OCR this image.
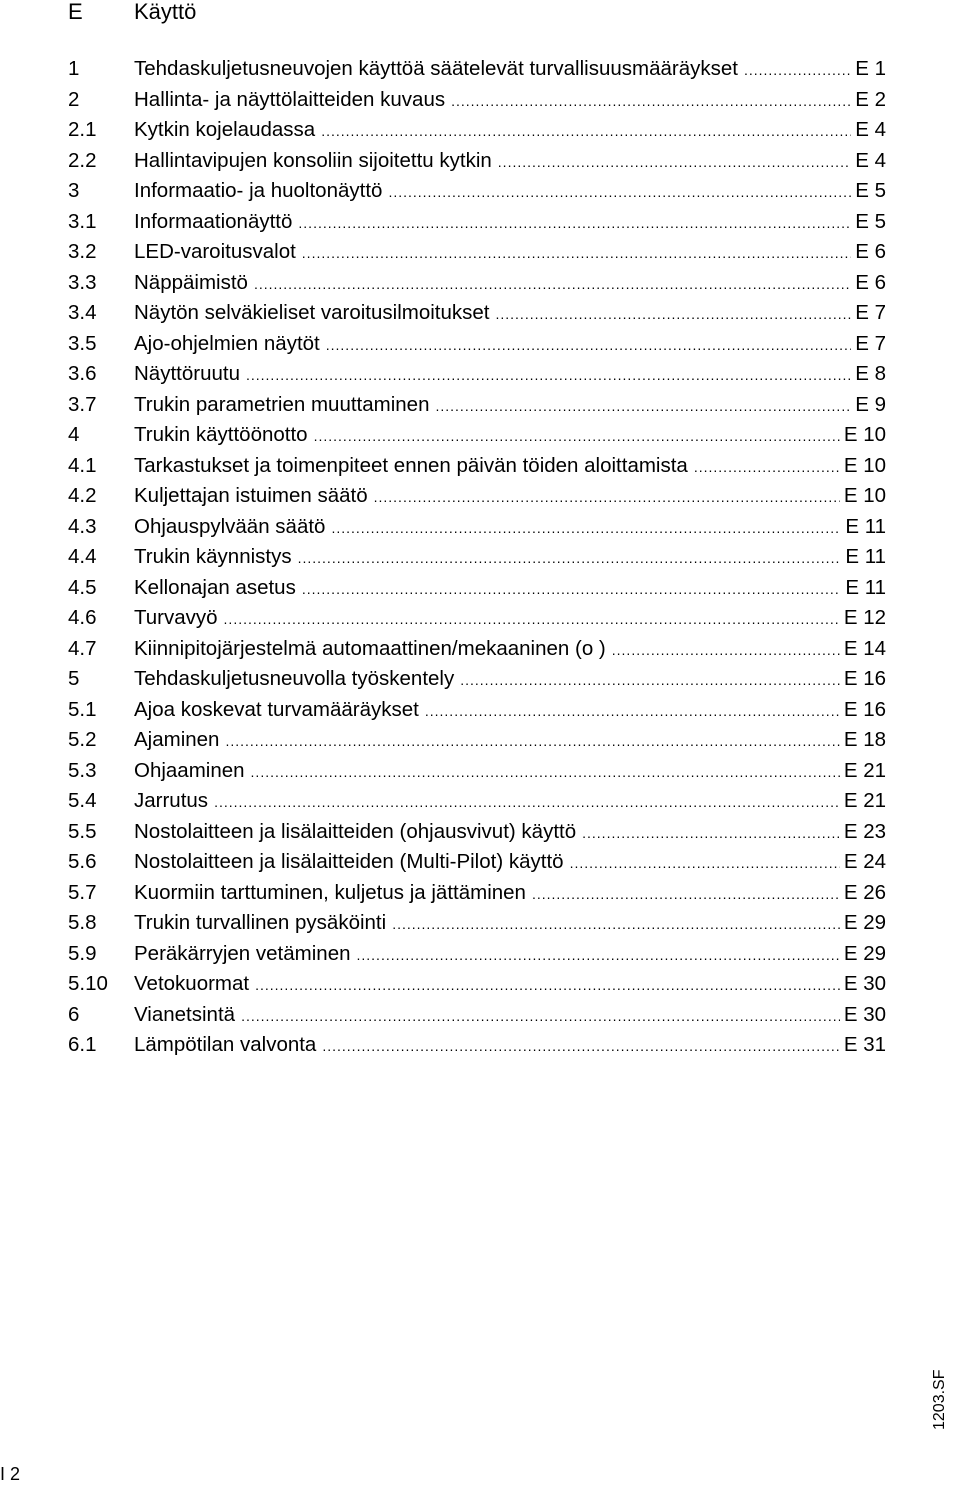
E Käyttö
1	Tehdaskuljetusneuvojen käyttöä säätelevät turvallisuusmääräykset .....	E 1
2	Hallinta- ja näyttölaitteiden kuvaus .....	E 2
2.1	Kytkin kojelaudassa .....	E 4
2.2	Hallintavipujen konsoliin sijoitettu kytkin .....	E 4
3	Informaatio- ja huoltonäyttö .....	E 5
3.1	Informaationäyttö .....	E 5
3.2	LED-varoitusvalot .....	E 6
3.3	Näppäimistö .....	E 6
3.4	Näytön selväkieliset varoitusilmoitukset .....	E 7
3.5	Ajo-ohjelmien näytöt .....	E 7
3.6	Näyttöruutu .....	E 8
3.7	Trukin parametrien muuttaminen .....	E 9
4	Trukin käyttöönotto .....	E 10
4.1	Tarkastukset ja toimenpiteet ennen päivän töiden aloittamista .....	E 10
4.2	Kuljettajan istuimen säätö .....	E 10
4.3	Ohjauspylvään säätö .....	E 11
4.4	Trukin käynnistys .....	E 11
4.5	Kellonajan asetus .....	E 11
4.6	Turvavyö .....	E 12
4.7	Kiinnipitojärjestelmä automaattinen/mekaaninen (o ) .....	E 14
5	Tehdaskuljetusneuvolla työskentely .....	E 16
5.1	Ajoa koskevat turvamääräykset .....	E 16
5.2	Ajaminen .....	E 18
5.3	Ohjaaminen .....	E 21
5.4	Jarrutus .....	E 21
5.5	Nostolaitteen ja lisälaitteiden (ohjausvivut) käyttö .....	E 23
5.6	Nostolaitteen ja lisälaitteiden (Multi-Pilot) käyttö .....	E 24
5.7	Kuormiin tarttuminen, kuljetus ja jättäminen .....	E 26
5.8	Trukin turvallinen pysäköinti .....	E 29
5.9	Peräkärryjen vetäminen .....	E 29
5.10	Vetokuormat .....	E 30
6	Vianetsintä .....	E 30
6.1	Lämpötilan valvonta .....	E 31
1203.SF
I 2
